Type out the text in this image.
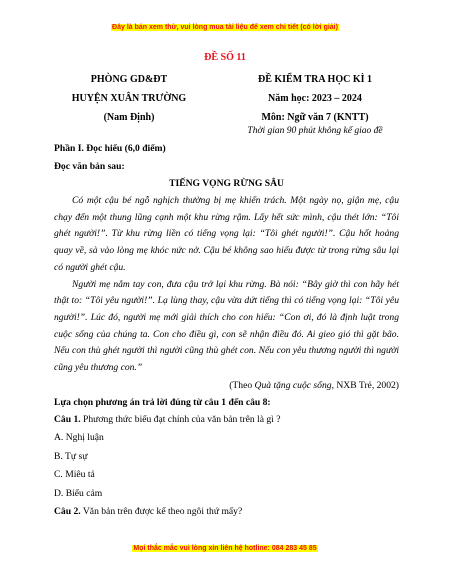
Đây là bản xem thử, vui lòng mua tài liệu để xem chi tiết (có lời giải)
ĐỀ SỐ 11
PHÒNG GD&ĐT
HUYỆN XUÂN TRƯỜNG
(Nam Định)
ĐỀ KIỂM TRA HỌC KÌ 1
Năm học: 2023 – 2024
Môn: Ngữ văn 7 (KNTT)
Thời gian 90 phút không kể giao đề

Phần I. Đọc hiểu (6,0 điểm)

Đọc văn bản sau:

TIẾNG VỌNG RỪNG SÂU

Có một cậu bé ngỗ nghịch thường bị mẹ khiển trách. Một ngày nọ, giận mẹ, cậu chạy đến một thung lũng cạnh một khu rừng rậm. Lấy hết sức mình, cậu thét lớn: “Tôi ghét người!”. Từ khu rừng liền có tiếng vọng lại: “Tôi ghét người!”. Cậu hốt hoảng quay về, sà vào lòng mẹ khóc nức nở. Cậu bé không sao hiểu được từ trong rừng sâu lại có người ghét cậu.

Người mẹ nắm tay con, đưa cậu trở lại khu rừng. Bà nói: “Bây giờ thì con hãy hét thật to: “Tôi yêu người!”. Lạ lùng thay, cậu vừa dứt tiếng thì có tiếng vọng lại: “Tôi yêu người!”. Lúc đó, người mẹ mới giải thích cho con hiểu: “Con ơi, đó là định luật trong cuộc sống của chúng ta. Con cho điều gì, con sẽ nhận điều đó. Ai gieo gió thì gặt bão. Nếu con thù ghét người thì người cũng thù ghét con. Nếu con yêu thương người thì người cũng yêu thương con.”

(Theo Quà tặng cuộc sống, NXB Trẻ, 2002)

Lựa chọn phương án trả lời đúng từ câu 1 đến câu 8:

Câu 1. Phương thức biểu đạt chính của văn bản trên là gì ?

A. Nghị luận

B. Tự sự

C. Miêu tả

D. Biểu cảm

Câu 2. Văn bản trên được kể theo ngôi thứ mấy?

Mọi thắc mắc vui lòng xin liên hệ hotline: 084 283 45 85
